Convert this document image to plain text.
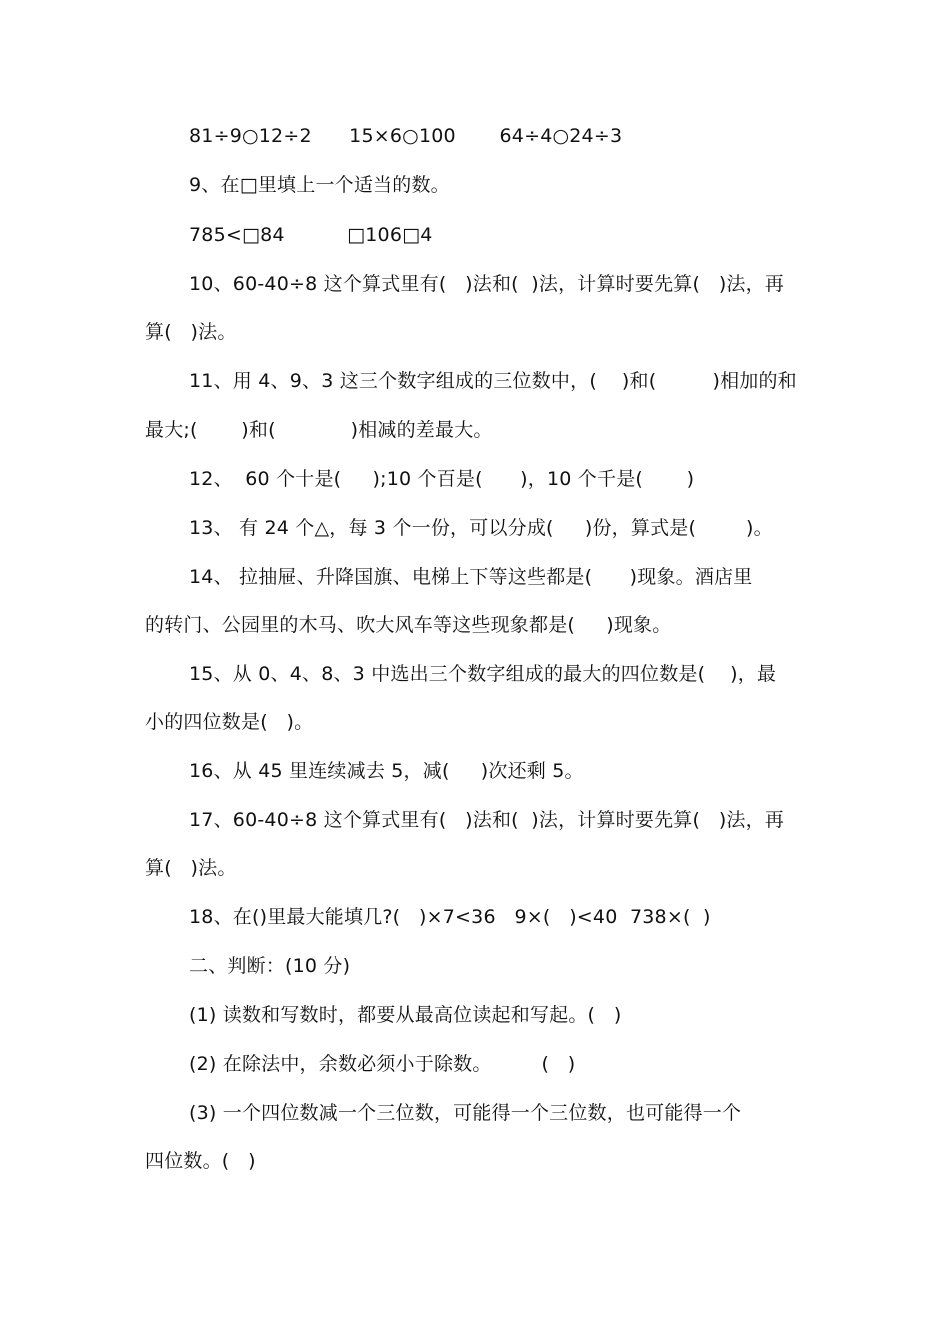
81÷9○12÷2      15×6○100       64÷4○24÷3
9、在□里填上一个适当的数。
785<□84          □106□4
10、60-40÷8 这个算式里有(   )法和(  )法，计算时要先算(   )法，再
算(   )法。
11、用 4、9、3 这三个数字组成的三位数中，(    )和(         )相加的和
最大;(       )和(            )相减的差最大。
12、  60 个十是(     );10 个百是(      )，10 个千是(       )
13、 有 24 个△，每 3 个一份，可以分成(     )份，算式是(        )。
14、 拉抽屉、升降国旗、电梯上下等这些都是(      )现象。酒店里
的转门、公园里的木马、吹大风车等这些现象都是(     )现象。
15、从 0、4、8、3 中选出三个数字组成的最大的四位数是(    )，最
小的四位数是(   )。
16、从 45 里连续减去 5，减(     )次还剩 5。
17、60-40÷8 这个算式里有(   )法和(  )法，计算时要先算(   )法，再
算(   )法。
18、在()里最大能填几?(   )×7<36   9×(   )<40  738×(  )
二、判断：(10 分)
(1) 读数和写数时，都要从最高位读起和写起。(   )
(2) 在除法中，余数必须小于除数。        (   )
(3) 一个四位数减一个三位数，可能得一个三位数，也可能得一个
四位数。(   )
